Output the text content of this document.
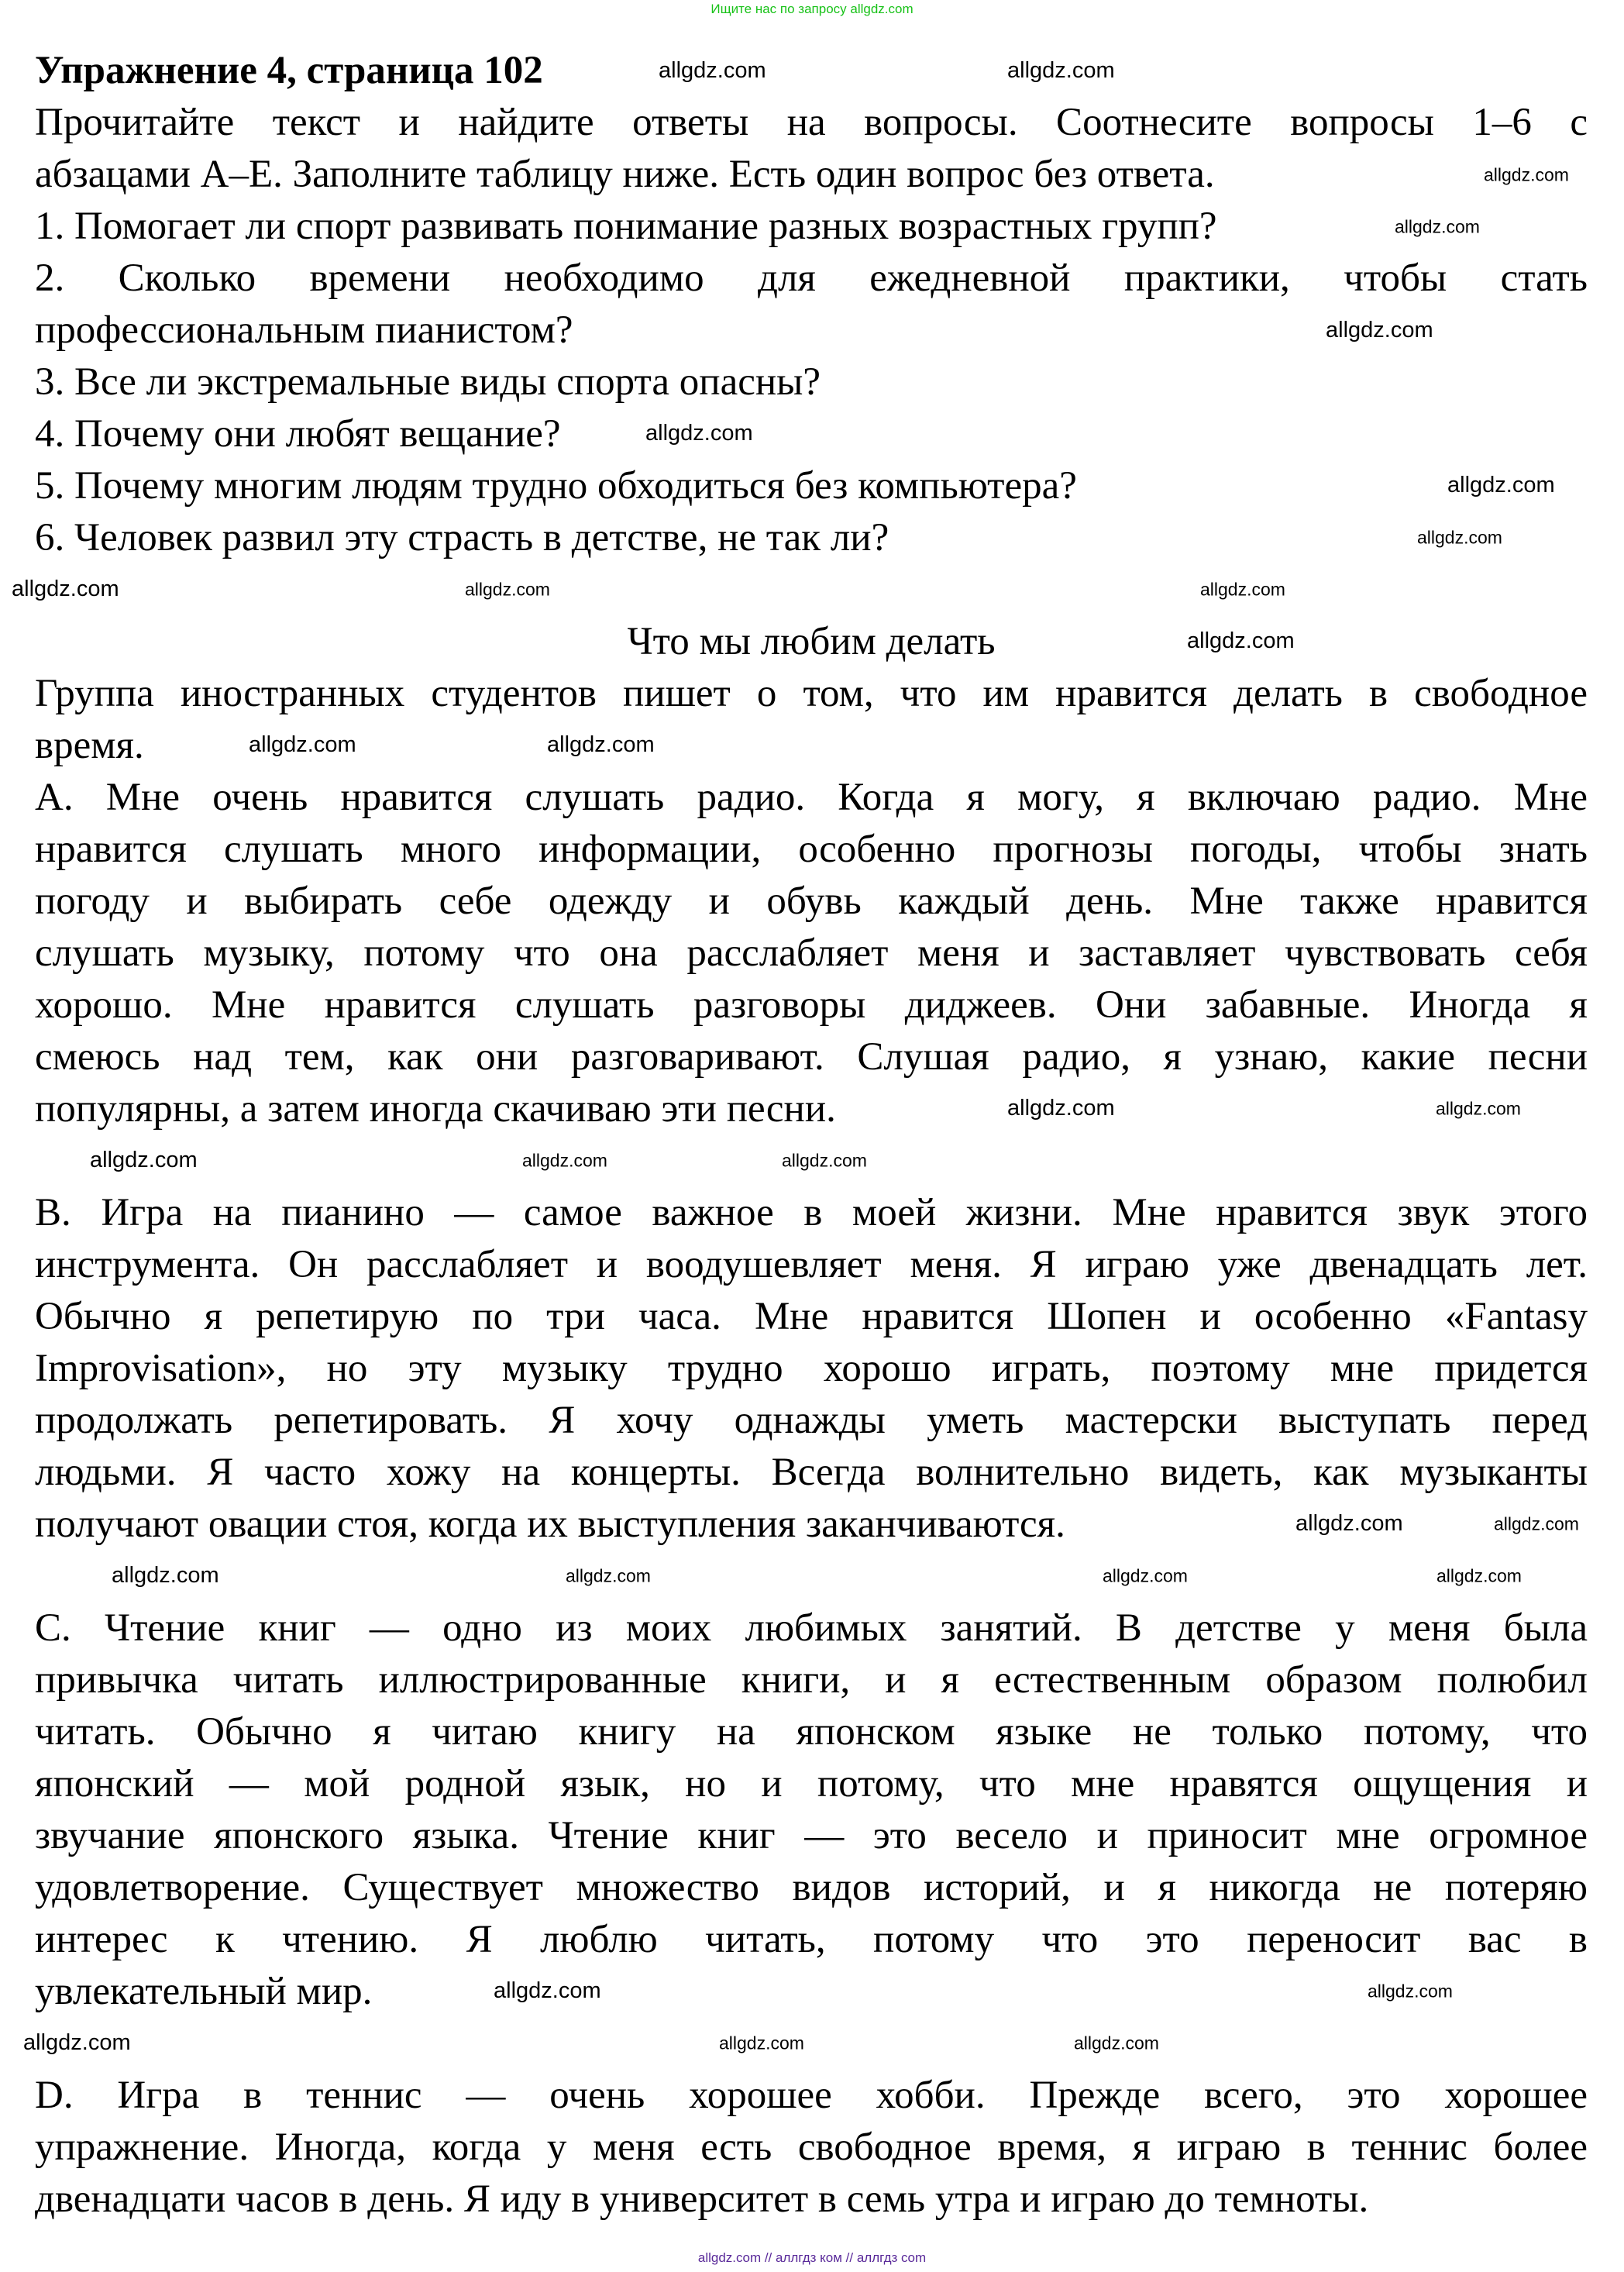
Ищите нас по запросу allgdz.com
Упражнение 4, страница 102
Прочитайте текст и найдите ответы на вопросы. Соотнесите вопросы 1–6 с
абзацами A–E. Заполните таблицу ниже. Есть один вопрос без ответа.
1. Помогает ли спорт развивать понимание разных возрастных групп?
2. Сколько времени необходимо для ежедневной практики, чтобы стать
профессиональным пианистом?
3. Все ли экстремальные виды спорта опасны?
4. Почему они любят вещание?
5. Почему многим людям трудно обходиться без компьютера?
6. Человек развил эту страсть в детстве, не так ли?
Что мы любим делать
Группа иностранных студентов пишет о том, что им нравится делать в свободное
время.
A. Мне очень нравится слушать радио. Когда я могу, я включаю радио. Мне
нравится слушать много информации, особенно прогнозы погоды, чтобы знать
погоду и выбирать себе одежду и обувь каждый день. Мне также нравится
слушать музыку, потому что она расслабляет меня и заставляет чувствовать себя
хорошо. Мне нравится слушать разговоры диджеев. Они забавные. Иногда я
смеюсь над тем, как они разговаривают. Слушая радио, я узнаю, какие песни
популярны, а затем иногда скачиваю эти песни.
B. Игра на пианино — самое важное в моей жизни. Мне нравится звук этого
инструмента. Он расслабляет и воодушевляет меня. Я играю уже двенадцать лет.
Обычно я репетирую по три часа. Мне нравится Шопен и особенно «Fantasy
Improvisation», но эту музыку трудно хорошо играть, поэтому мне придется
продолжать репетировать. Я хочу однажды уметь мастерски выступать перед
людьми. Я часто хожу на концерты. Всегда волнительно видеть, как музыканты
получают овации стоя, когда их выступления заканчиваются.
C. Чтение книг — одно из моих любимых занятий. В детстве у меня была
привычка читать иллюстрированные книги, и я естественным образом полюбил
читать. Обычно я читаю книгу на японском языке не только потому, что
японский — мой родной язык, но и потому, что мне нравятся ощущения и
звучание японского языка. Чтение книг — это весело и приносит мне огромное
удовлетворение. Существует множество видов историй, и я никогда не потеряю
интерес к чтению. Я люблю читать, потому что это переносит вас в
увлекательный мир.
D. Игра в теннис — очень хорошее хобби. Прежде всего, это хорошее
упражнение. Иногда, когда у меня есть свободное время, я играю в теннис более
двенадцати часов в день. Я иду в университет в семь утра и играю до темноты.
allgdz.com
allgdz.com
allgdz.com
allgdz.com
allgdz.com
allgdz.com
allgdz.com
allgdz.com
allgdz.com
allgdz.com
allgdz.com
allgdz.com
allgdz.com
allgdz.com
allgdz.com
allgdz.com	allgdz.com	allgdz.com
allgdz.com
allgdz.com
allgdz.com	allgdz.com	allgdz.com	allgdz.com
allgdz.com
allgdz.com
allgdz.com	allgdz.com
allgdz.com
allgdz.com
allgdz.com // аллгдз ком // аллгдз com
